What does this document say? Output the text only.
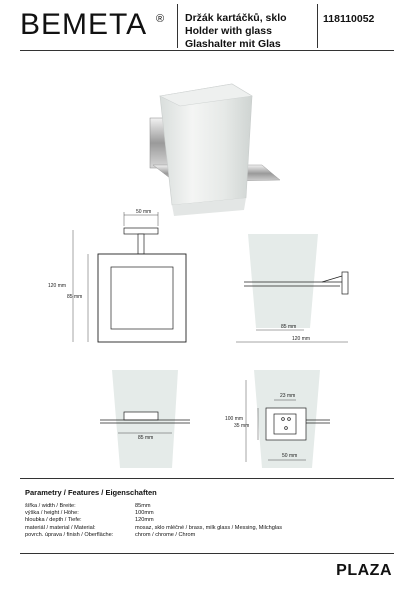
BEMETA ® Držák kartáčků, sklo
Holder with glass
Glashalter mit Glas
118110052
50 mm
120 mm
85 mm
85 mm
120 mm
85 mm
23 mm
100 mm
35 mm
50 mm
Parametry / Features / Eigenschaften
šířka / width / Breite:	85mm
výška / height / Höhe:	100mm
hloubka / depth / Tiefe:	120mm
materiál / material / Material:	mosaz, sklo mléčné / brass, milk glass / Messing, Milchglas
povrch. úprava / finish / Oberfläche:	chrom / chrome / Chrom
PLAZA
